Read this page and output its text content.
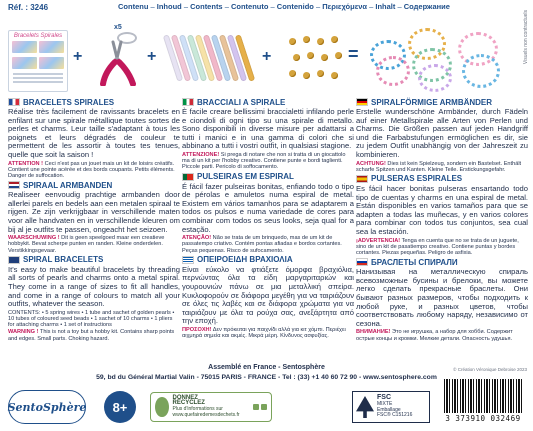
Réf. : 3246	Contenu – Inhoud – Contents – Contenuto – Contenido – Περιεχόμενα – Inhalt – Содержание
Visuels non contractuels
Bracelets Spirales
+
x5
+	+	=
BRACELETS SPIRALES
Réalise très facilement de ravissants bracelets en enfilant sur une spirale métallique toutes sortes de perles et charms. Leur taille s'adaptant à tous les poignets et leurs dégradés de couleur te permettent de les assortir à toutes tes tenues, quelle que soit la saison !
ATTENTION ! Ceci n'est pas un jouet mais un kit de loisirs créatifs. Contient une pointe acérée et des bords coupants. Petits éléments. Danger de suffocation.
SPIRAAL ARMBANDEN
Realiseer eenvoudig prachtige armbanden door allerlei parels en bedels aan een metalen spiraal te rijgen. Ze zijn verkrijgbaar in verschillende maten voor alle handvaten en in verschillende kleuren om bij al je outfits te passen, ongeacht het seizoen.
WAARSCHUWING ! Dit is geen speelgoed maar een creatieve hobbykit. Bevat scherpe punten en randen. Kleine onderdelen. Verstikkingsgevaar.
SPIRAL BRACELETS
It's easy to make beautiful bracelets by threading all sorts of pearls and charms onto a metal spiral. They come in a range of sizes to fit all handles, and come in a range of colours to match all your outfits, whatever the season.
CONTENTS: • 5 spring wires • 1 tube and sachet of golden pearls • 10 tubes of coloured seed beads • 1 sachet of 10 charms • 1 pliers for attaching charms • 1 set of instructions
WARNING ! This is not a toy but a hobby kit. Contains sharp points and edges. Small parts. Choking hazard.
BRACCIALI A SPIRALE
È facile creare bellissimi braccialetti infilando perle e ciondoli di ogni tipo su una spirale di metallo. Sono disponibili in diverse misure per adattarsi a tutti i manici e in una gamma di colori che si abbinano a tutti i vostri outfit, in qualsiasi stagione.
ATTENZIONE! Si prega di notare che non si tratta di un giocattolo ma di un kit per l'hobby creativo. Contiene punte e bordi taglienti. Piccole parti. Pericolo di soffocamento.
PULSEIRAS EM ESPIRAL
É fácil fazer pulseiras bonitas, enfiando todo o tipo de pérolas e amuletos numa espiral de metal. Existem em vários tamanhos para se adaptarem a todos os pulsos e numa variedade de cores para combinar com todos os seus looks, seja qual for a estação.
ATENÇÃO! Não se trata de um brinquedo, mas de um kit de passatempo criativo. Contém pontas afiadas e bordos cortantes. Peças pequenas. Risco de sufocamento.
ΟΠΕΙΡΟΕΙΔΗ ΒΡΑΧΙΟΛΙΑ
Είναι εύκολο να φτιάξετε όμορφα βραχιόλια, περνώντας όλα τα είδη μαργαριταριών και γουρουνιών πάνω σε μια μεταλλική σπείρα. Κυκλοφορούν σε διάφορα μεγέθη για να ταιριάζουν σε όλες τις λαβές και σε διάφορα χρώματα για να ταιριάζουν με όλα τα ρούχα σας, ανεξάρτητα από την εποχή.
ΠΡΟΣΟΧΗ! Δεν πρόκειται για παιχνίδι αλλά για κιτ χόμπι. Περιέχει αιχμηρά σημεία και ακμές. Μικρά μέρη. Κίνδυνος ασφυξίας.
SPIRALFÖRMIGE ARMBÄNDER
Erstelle wunderschöne Armbänder, durch Fädeln auf einer Metallspirale alle Arten von Perlen und Charms. Die Größen passen auf jeden Handgriff und die Farbabstufungen ermöglichen es dir, sie zu jedem Outfit unabhängig von der Jahreszeit zu kombinieren.
ACHTUNG! Dies ist kein Spielzeug, sondern ein Bastelset. Enthält scharfe Spitzen und Kanten. Kleine Teile. Erstickungsgefahr.
PULSERAS ESPIRALES
Es fácil hacer bonitas pulseras ensartando todo tipo de cuentas y charms en una espiral de metal. Están disponibles en varios tamaños para que se adapten a todas las muñecas, y en varios colores para combinar con todos tus conjuntos, sea cual sea la estación.
¡ADVERTENCIA! Tenga en cuenta que no se trata de un juguete, sino de un kit de pasatiempo creativo. Contiene puntas y bordes cortantes. Piezas pequeñas. Peligro de asfixia.
БРАСЛЕТЫ СПИРАЛИ
Нанизывая на металлическую спираль всевозможные бусины и брелоки, вы можете легко сделать прекрасные браслеты. Они бывают разных размеров, чтобы подходить к любой руке, и разных цветов, чтобы соответствовать любому наряду, независимо от сезона.
ВНИМАНИЕ! Это не игрушка, а набор для хобби. Содержит острые концы и кромки. Мелкие детали. Опасность удушья.
© Création Véronique Debroise 2023
Assemblé en France - Sentosphère
59, bd du Général Martial Valin - 75015 PARIS - FRANCE - Tel : (33) +1 40 60 72 90 - www.sentosphere.com
SentoSphère	8+
DONNEZ
RECYCLEZ
Plus d'informations sur www.quefairedemesdechets.fr
FSC
MIXTE
Emballage
FSC® C151216	3 373910 032469
